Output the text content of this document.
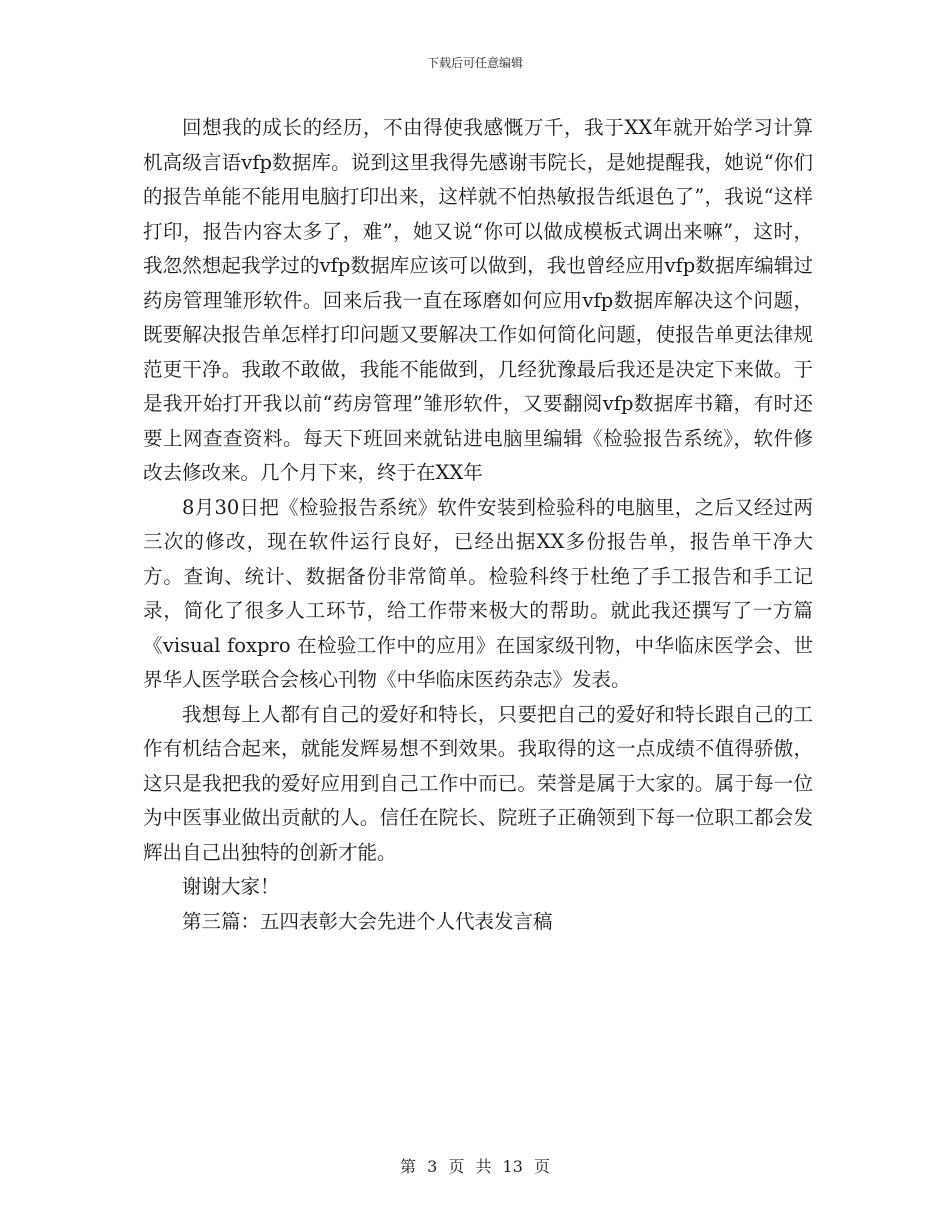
下载后可任意编辑

回想我的成长的经历，不由得使我感慨万千，我于XX年就开始学习计算机高级言语vfp数据库。说到这里我得先感谢韦院长，是她提醒我，她说“你们的报告单能不能用电脑打印出来，这样就不怕热敏报告纸退色了”，我说“这样打印，报告内容太多了，难”，她又说“你可以做成模板式调出来嘛”，这时，我忽然想起我学过的vfp数据库应该可以做到，我也曾经应用vfp数据库编辑过药房管理雏形软件。回来后我一直在琢磨如何应用vfp数据库解决这个问题，既要解决报告单怎样打印问题又要解决工作如何简化问题，使报告单更法律规范更干净。我敢不敢做，我能不能做到，几经犹豫最后我还是决定下来做。于是我开始打开我以前“药房管理”雏形软件，又要翻阅vfp数据库书籍，有时还要上网查查资料。每天下班回来就钻进电脑里编辑《检验报告系统》，软件修改去修改来。几个月下来，终于在XX年

8月30日把《检验报告系统》软件安装到检验科的电脑里，之后又经过两三次的修改，现在软件运行良好，已经出据XX多份报告单，报告单干净大方。查询、统计、数据备份非常简单。检验科终于杜绝了手工报告和手工记录，简化了很多人工环节，给工作带来极大的帮助。就此我还撰写了一方篇《visual foxpro 在检验工作中的应用》在国家级刊物，中华临床医学会、世界华人医学联合会核心刊物《中华临床医药杂志》发表。

我想每上人都有自己的爱好和特长，只要把自己的爱好和特长跟自己的工作有机结合起来，就能发辉易想不到效果。我取得的这一点成绩不值得骄傲，这只是我把我的爱好应用到自己工作中而已。荣誉是属于大家的。属于每一位为中医事业做出贡献的人。信任在院长、院班子正确领到下每一位职工都会发辉出自己出独特的创新才能。

谢谢大家！

第三篇：五四表彰大会先进个人代表发言稿

第 3 页 共 13 页
